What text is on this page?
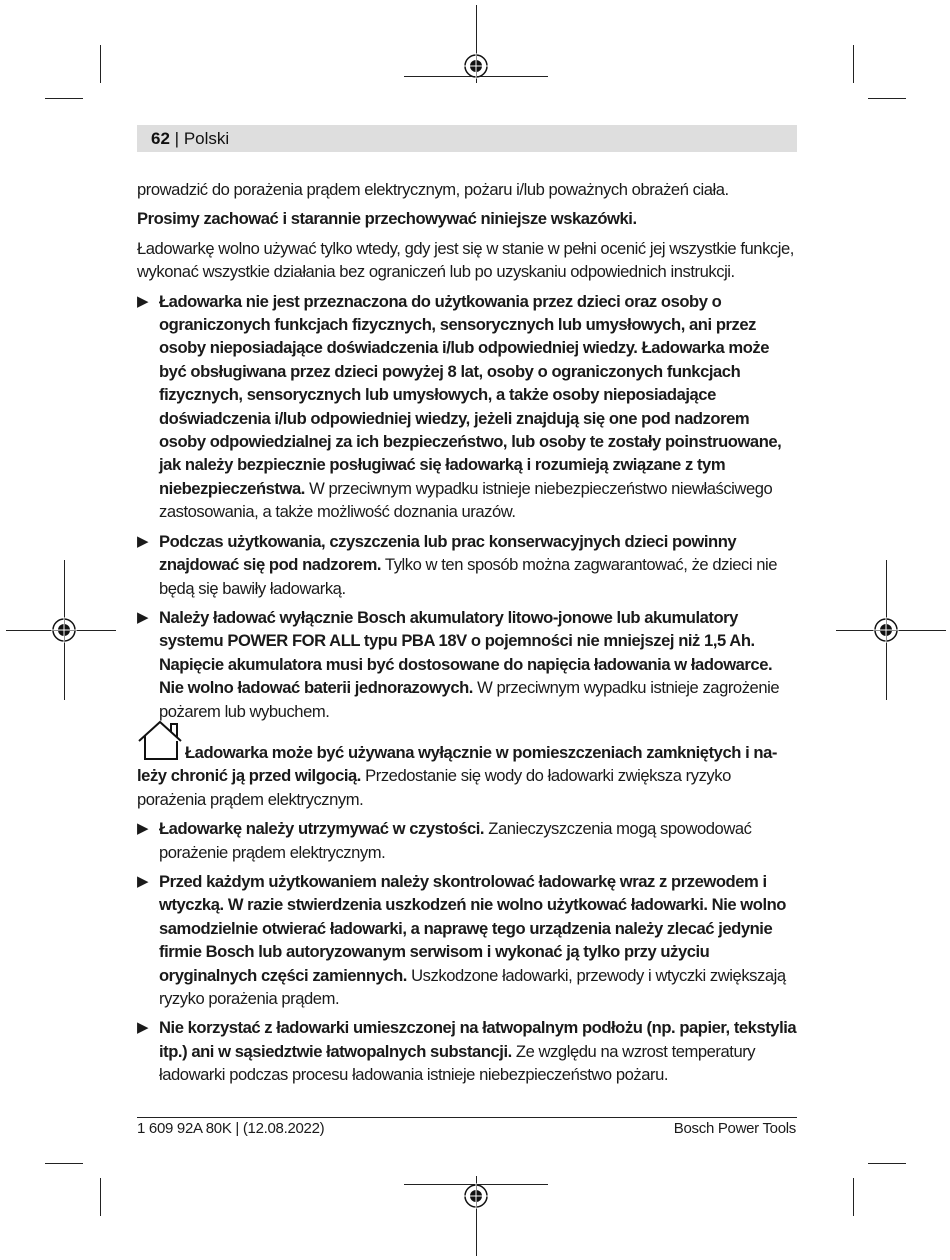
62 | Polski

prowadzić do porażenia prądem elektrycznym, pożaru i/lub poważnych obrażeń ciała.

Prosimy zachować i starannie przechowywać niniejsze wskazówki.

Ładowarkę wolno używać tylko wtedy, gdy jest się w stanie w pełni ocenić jej wszystkie funkcje, wykonać wszystkie działania bez ograniczeń lub po uzyskaniu odpowiednich instrukcji.

▶ Ładowarka nie jest przeznaczona do użytkowania przez dzieci oraz osoby o ograniczonych funkcjach fizycznych, sensorycznych lub umysłowych, ani przez osoby nieposiadające doświadczenia i/lub odpowiedniej wiedzy. Ładowarka może być obsługiwana przez dzieci powyżej 8 lat, osoby o ograniczonych funkcjach fizycznych, sensorycznych lub umysłowych, a także osoby nieposiadające doświadczenia i/lub odpowiedniej wiedzy, jeżeli znajdują się one pod nadzorem osoby odpowiedzialnej za ich bezpieczeństwo, lub osoby te zostały poinstruowane, jak należy bezpiecznie posługiwać się ładowarką i rozumieją związane z tym niebezpieczeństwa. W przeciwnym wypadku istnieje niebezpieczeństwo niewłaściwego zastosowania, a także możliwość doznania urazów.
▶ Podczas użytkowania, czyszczenia lub prac konserwacyjnych dzieci powinny znajdować się pod nadzorem. Tylko w ten sposób można zagwarantować, że dzieci nie będą się bawiły ładowarką.
▶ Należy ładować wyłącznie Bosch akumulatory litowo-jonowe lub akumulatory systemu POWER FOR ALL typu PBA 18V o pojemności nie mniejszej niż 1,5 Ah. Napięcie akumulatora musi być dostosowane do napięcia ładowania w ładowarce. Nie wolno ładować baterii jednorazowych. W przeciwnym wypadku istnieje zagrożenie pożarem lub wybuchem.
Ładowarka może być używana wyłącznie w pomieszczeniach zamkniętych i na-
leży chronić ją przed wilgocią. Przedostanie się wody do ładowarki zwiększa ryzyko porażenia prądem elektrycznym.
▶ Ładowarkę należy utrzymywać w czystości. Zanieczyszczenia mogą spowodować porażenie prądem elektrycznym.
▶ Przed każdym użytkowaniem należy skontrolować ładowarkę wraz z przewodem i wtyczką. W razie stwierdzenia uszkodzeń nie wolno użytkować ładowarki. Nie wolno samodzielnie otwierać ładowarki, a naprawę tego urządzenia należy zlecać jedynie firmie Bosch lub autoryzowanym serwisom i wykonać ją tylko przy użyciu oryginalnych części zamiennych. Uszkodzone ładowarki, przewody i wtyczki zwiększają ryzyko porażenia prądem.
▶ Nie korzystać z ładowarki umieszczonej na łatwopalnym podłożu (np. papier, tekstylia itp.) ani w sąsiedztwie łatwopalnych substancji. Ze względu na wzrost temperatury ładowarki podczas procesu ładowania istnieje niebezpieczeństwo pożaru.
1 609 92A 80K | (12.08.2022)	Bosch Power Tools
